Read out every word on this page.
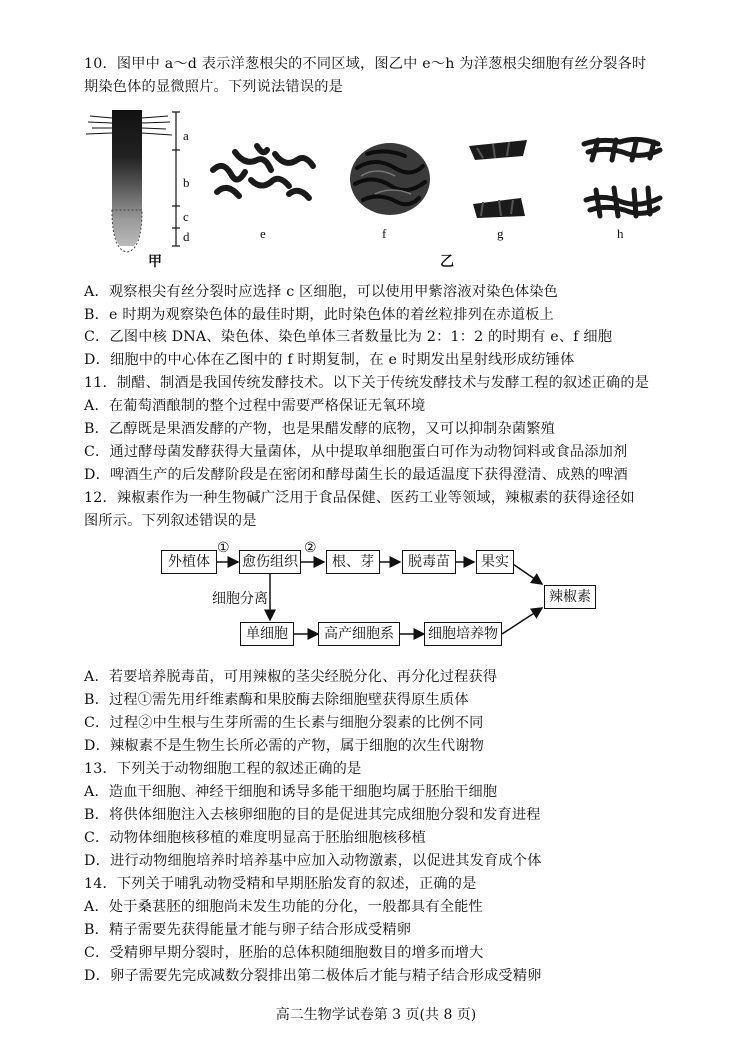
10．图甲中 a～d 表示洋葱根尖的不同区域，图乙中 e～h 为洋葱根尖细胞有丝分裂各时
期染色体的显微照片。下列说法错误的是
a
b
c
d	e	f	g	h
甲	乙
A．观察根尖有丝分裂时应选择 c 区细胞，可以使用甲紫溶液对染色体染色
B．e 时期为观察染色体的最佳时期，此时染色体的着丝粒排列在赤道板上
C．乙图中核 DNA、染色体、染色单体三者数量比为 2：1：2 的时期有 e、f 细胞
D．细胞中的中心体在乙图中的 f 时期复制，在 e 时期发出星射线形成纺锤体
11．制醋、制酒是我国传统发酵技术。以下关于传统发酵技术与发酵工程的叙述正确的是
A．在葡萄酒酿制的整个过程中需要严格保证无氧环境
B．乙醇既是果酒发酵的产物，也是果醋发酵的底物，又可以抑制杂菌繁殖
C．通过酵母菌发酵获得大量菌体，从中提取单细胞蛋白可作为动物饲料或食品添加剂
D．啤酒生产的后发酵阶段是在密闭和酵母菌生长的最适温度下获得澄清、成熟的啤酒
12．辣椒素作为一种生物碱广泛用于食品保健、医药工业等领域，辣椒素的获得途径如
图所示。下列叙述错误的是
外植体	愈伤组织	根、芽	脱毒苗	果实
辣椒素
单细胞	高产细胞系	细胞培养物
①	②
细胞分离
A．若要培养脱毒苗，可用辣椒的茎尖经脱分化、再分化过程获得
B．过程①需先用纤维素酶和果胶酶去除细胞壁获得原生质体
C．过程②中生根与生芽所需的生长素与细胞分裂素的比例不同
D．辣椒素不是生物生长所必需的产物，属于细胞的次生代谢物
13．下列关于动物细胞工程的叙述正确的是
A．造血干细胞、神经干细胞和诱导多能干细胞均属于胚胎干细胞
B．将供体细胞注入去核卵细胞的目的是促进其完成细胞分裂和发育进程
C．动物体细胞核移植的难度明显高于胚胎细胞核移植
D．进行动物细胞培养时培养基中应加入动物激素，以促进其发育成个体
14．下列关于哺乳动物受精和早期胚胎发育的叙述，正确的是
A．处于桑葚胚的细胞尚未发生功能的分化，一般都具有全能性
B．精子需要先获得能量才能与卵子结合形成受精卵
C．受精卵早期分裂时，胚胎的总体积随细胞数目的增多而增大
D．卵子需要先完成减数分裂排出第二极体后才能与精子结合形成受精卵
高二生物学试卷第 3 页(共 8 页)
